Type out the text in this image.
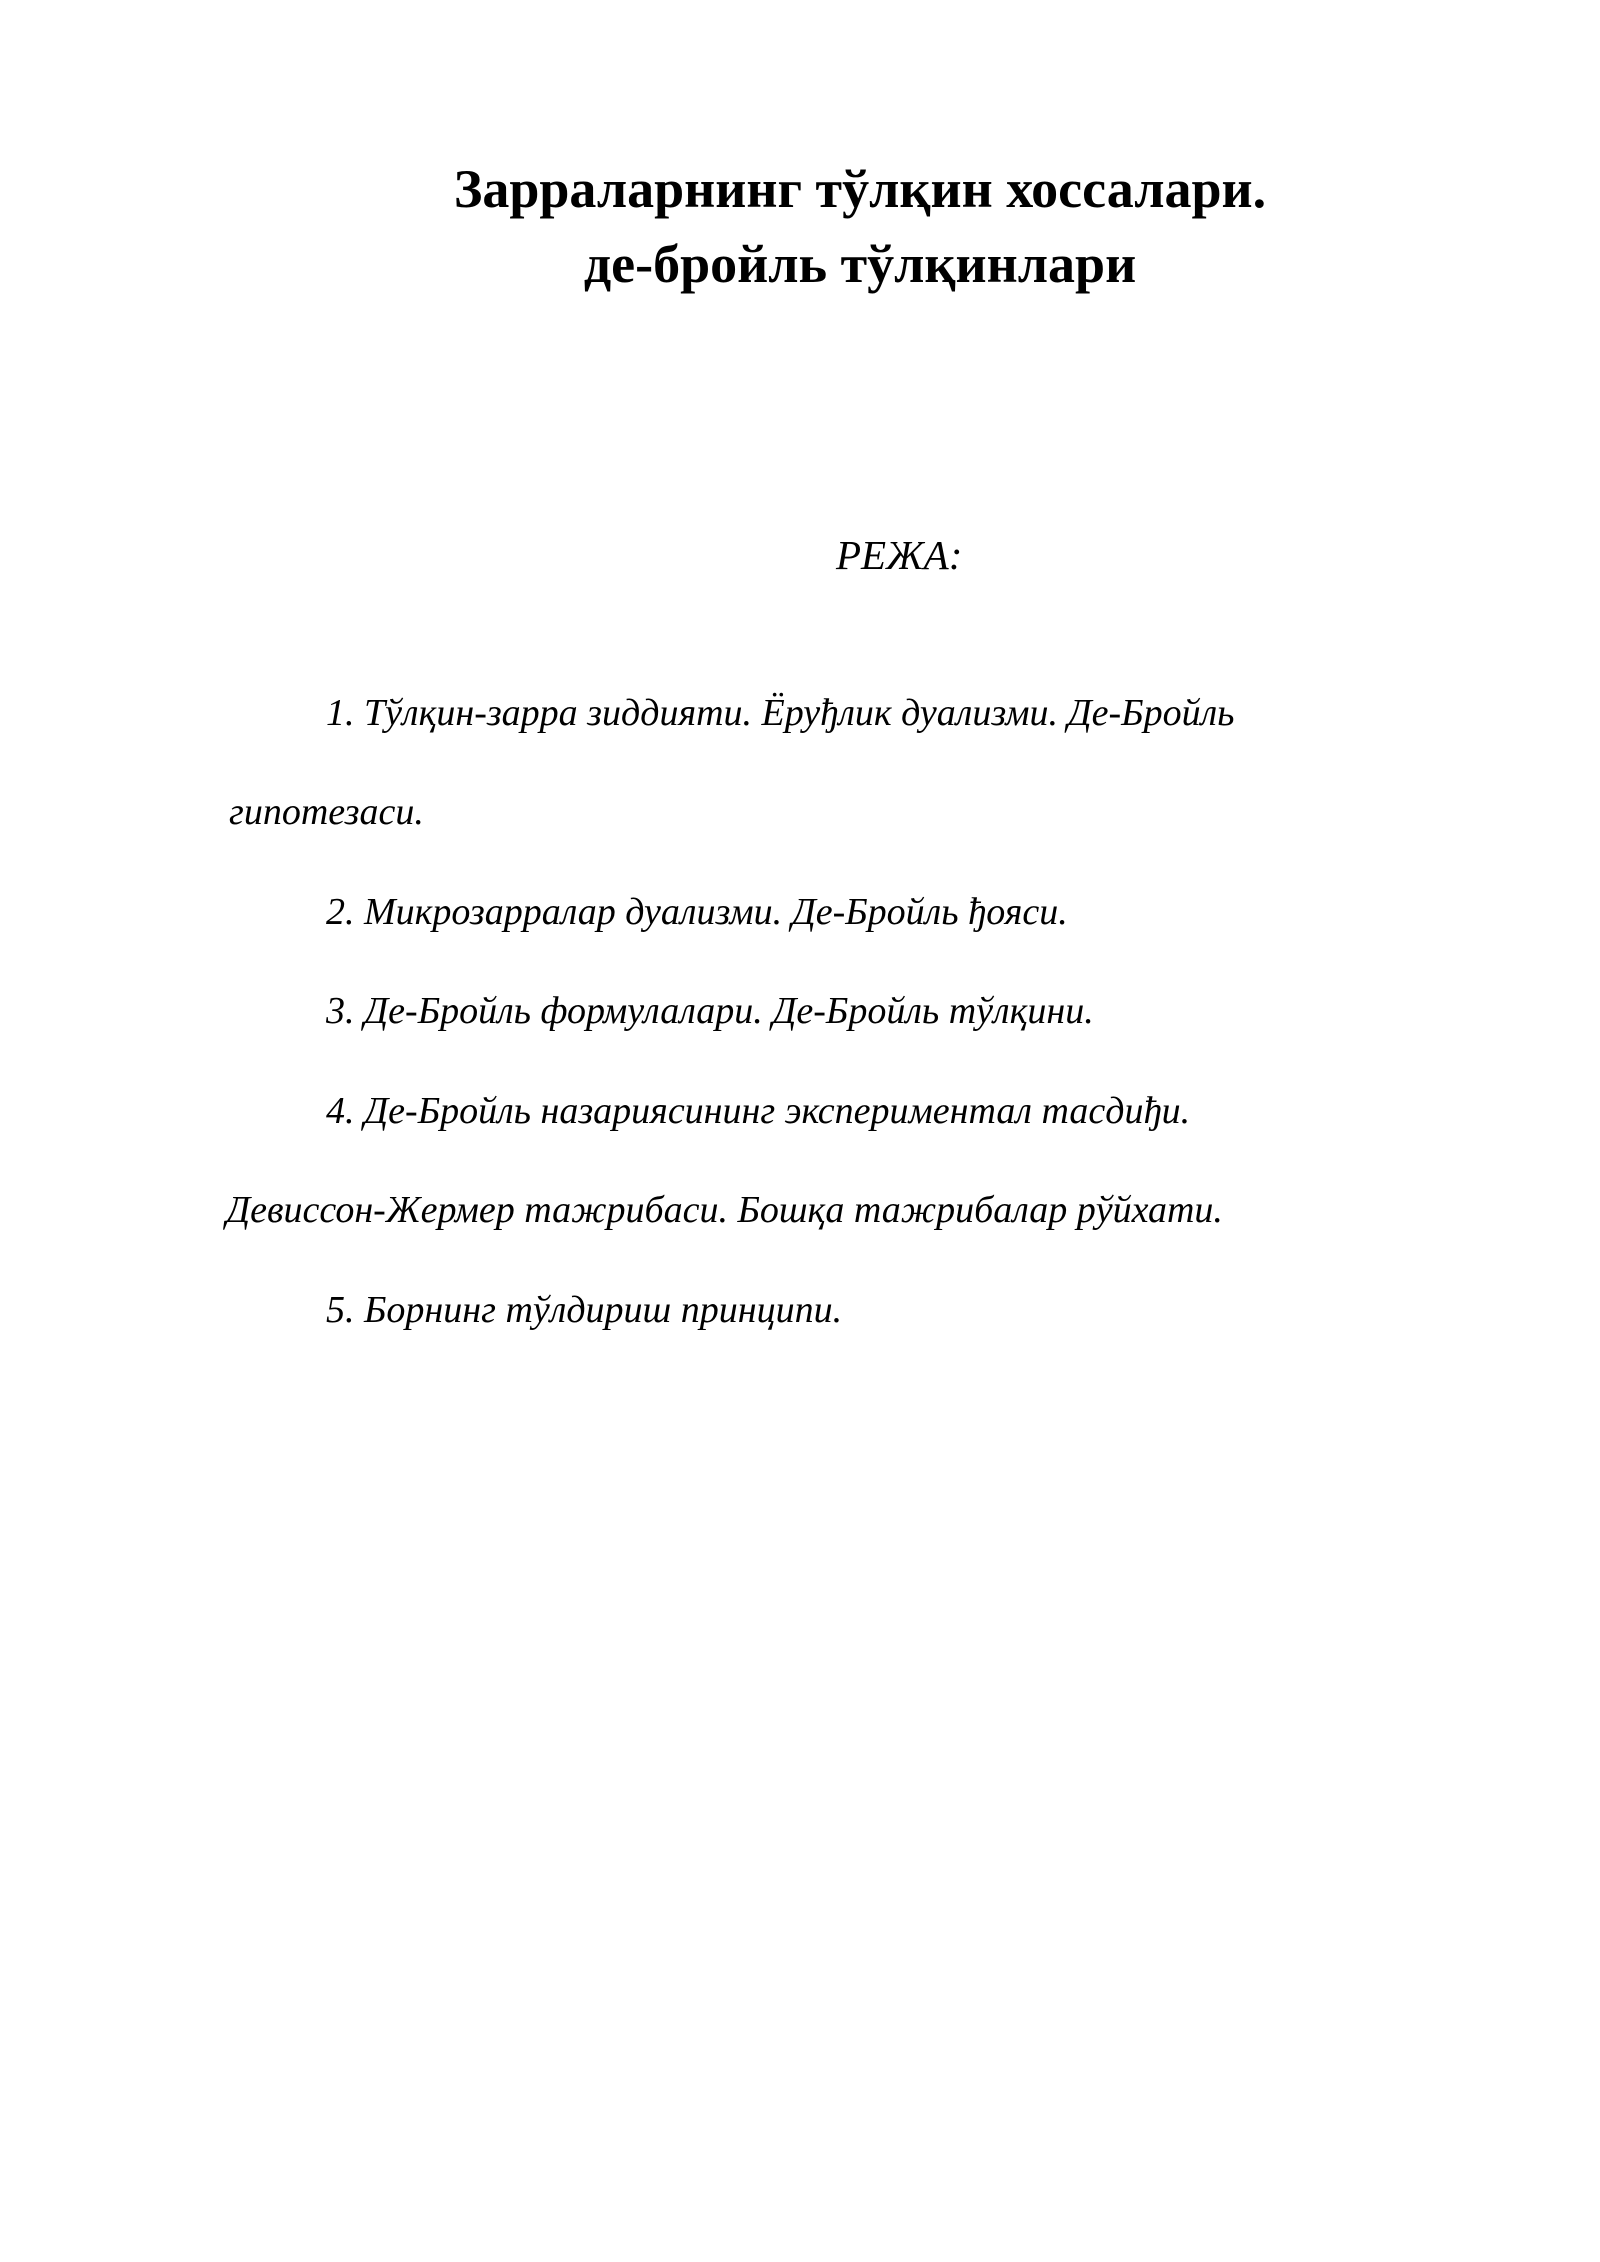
Зарраларнинг тўлқин хоссалари.
де-бройль тўлқинлари
РЕЖА:
1. Тўлқин-зарра зиддияти. Ёруђлик дуализми. Де-Бройль
гипотезаси.
2. Микрозарралар дуализми. Де-Бройль ђояси.
3. Де-Бройль формулалари. Де-Бройль тўлқини.
4. Де-Бройль назариясининг экспериментал тасдиђи.
Девиссон-Жермер тажрибаси. Бошқа тажрибалар рўйхати.
5. Борнинг тўлдириш принципи.
